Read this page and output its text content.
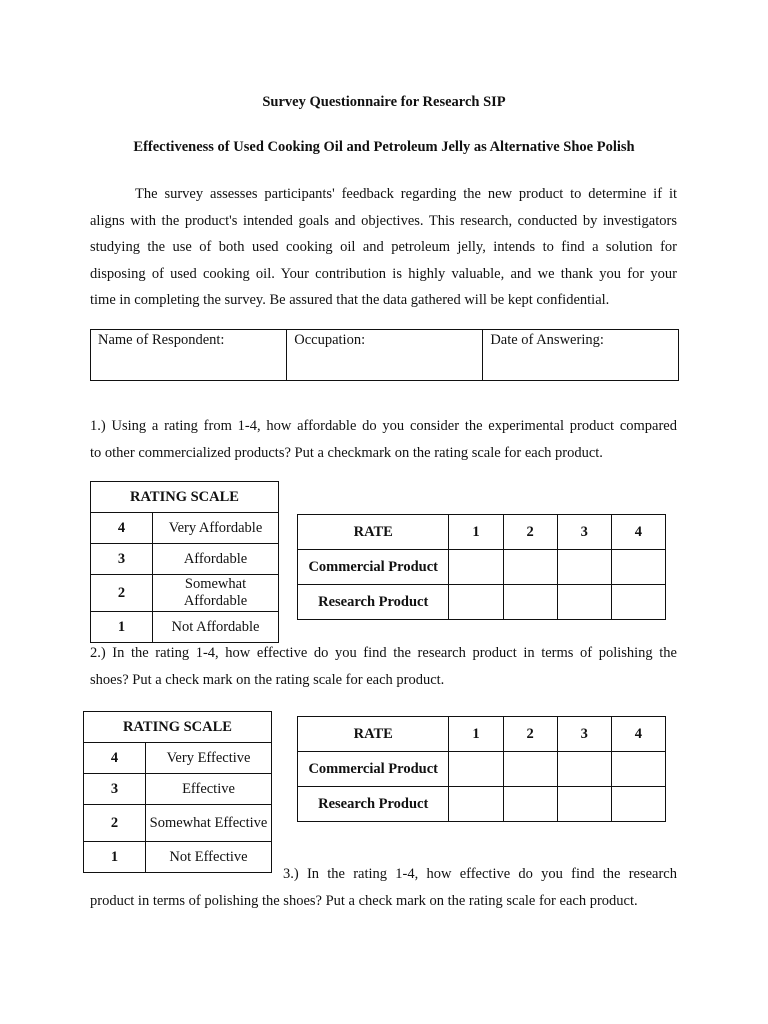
Survey Questionnaire for Research SIP
Effectiveness of Used Cooking Oil and Petroleum Jelly as Alternative Shoe Polish
The survey assesses participants' feedback regarding the new product to determine if it
aligns with the product's intended goals and objectives. This research, conducted by investigators
studying the use of both used cooking oil and petroleum jelly, intends to find a solution for
disposing of used cooking oil. Your contribution is highly valuable, and we thank you for your
time in completing the survey. Be assured that the data gathered will be kept confidential.
Name of Respondent:	Occupation:	Date of Answering:
1.) Using a rating from 1-4, how affordable do you consider the experimental product compared
to other commercialized products? Put a checkmark on the rating scale for each product.
RATING SCALE	
4	Very Affordable
3	Affordable
2	Somewhat Affordable
1	Not Affordable
RATE	1	2	3	4
Commercial Product				
Research Product				
2.) In the rating 1-4, how effective do you find the research product in terms of polishing the
shoes? Put a check mark on the rating scale for each product.
RATING SCALE	
4	Very Effective
3	Effective
2	Somewhat Effective
1	Not Effective
RATE	1	2	3	4
Commercial Product				
Research Product				
3.) In the rating 1-4, how effective do you find the research
product in terms of polishing the shoes? Put a check mark on the rating scale for each product.
